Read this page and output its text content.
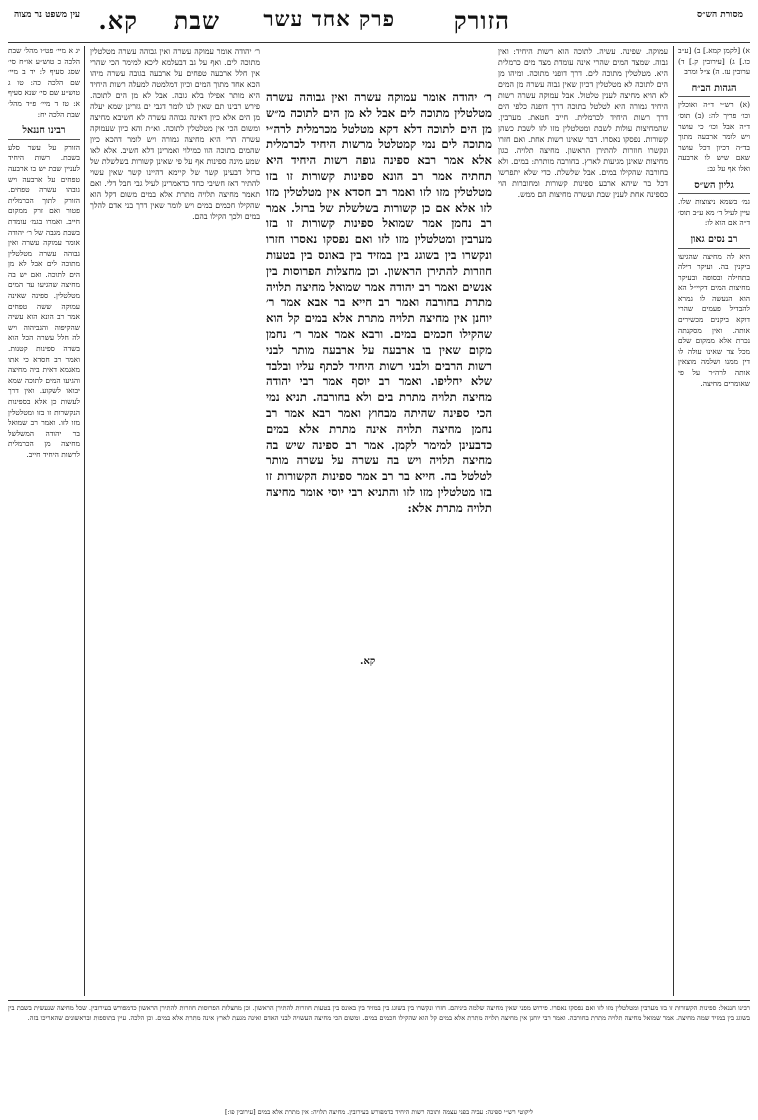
מסורת הש״ס
הזורק
פרק אחד עשר
שבת
קא.
עין משפט נר מצוה

א) [לקמן קמא.] ב) [ע״ב כו.] ג) [עירובין ק.] ד) ערובין עז. ה) צ״ל ומרב

הגהות הב״ח

(א) רש״י ד״ה ואוכלין וכו׳ פריך לה: (ב) תוס׳ ד״ה אבל וכו׳ כי עושר ויש לומר ארבעה מתוך בד״ה דכיון דכל עושר שאם שיש לו ארבעה ואלו אף על גב:

גליון הש״ס

גמ׳ בשמא ניצוצות שלו. עיין לעיל ד׳ מא ע״ב תוס׳ ד״ה אם הוא לו:

רב נסים גאון

היא לה מחיצה שהגיעו ביקנין בה. ועיקר דילה בתחילה ובסופה ובעיקר מחיצות המים דקיי״ל הא הוא הנעשה לו גמרא להבדיל פעמים שהרי דוקא ביקנים מכשירים אותה. ואין מסקנתה נכרת אלא ממקום שלם מכל צד שאינו עולה לו דין ממנו ושלמה מוצאין אותה לרה״ר על פי שאומרים מחיצה.

יג א מיי׳ פט״ו מהל׳ שבת הלכה כ טוש״ע או״ח סי׳ שסג סעיף ל: יד ב מיי׳ שם הלכה כה: טו ג טוש״ע שם סי׳ שנא סעיף א: טז ד מיי׳ פ״ד מהל׳ שבת הלכה יח:

רבינו חננאל

הזורק על עשר סלע בשבת. רשות היחיד לעניין שבת יש בו ארבעה טפחים על ארבעה ויש גובהו עשרה טפחים. הזורק לתוך הכרמלית פטור ואם זרק ממקום חייב. ואמרו בגמ׳ עומדת בשבת מגבה של ר׳ יהודה אומר עמוקה עשרה ואין גבוהה עשרה מטלטלין מתוכה לים אבל לא מן הים לתוכה. ואם יש בה מחיצה שהגיעו עד המים מטלטלין. ספינה שאינה עמוקה ששה טפחים אמר רב הונא הוא עשיה שהקיפוה והגביהוה ויש לה חלל עשרה הכל הוא בשדה ספינות קטנות. ואמר רב חסדא כי אתו מאגמא דאית ביה מחיצה והגיעו המים לתוכה שמא יבואו לשקוע. ואין דרך לעשות כן אלא בספינות הנקשרות זו בזו ומטלטלין מזו לזו. ואמר רב שמואל בר יהודה המשלשל מחיצה מן הכרמלית לרשות היחיד חייב.

עמוקה. שפינה. עשיה. לתוכה הוא רשות היחיד: ואין גבוה. שמצד המים שהרי אינה עומדת מצד מים כרמלית היא. מטלטלין מתוכה לים. דרך דופני מתוכה. ומיהו מן הים לתוכה לא מטלטלין דכיון שאין גבוה עשרה מן המים לא הויא מחיצה לענין טלטול. אבל עמוקה עשרה רשות היחיד גמורה היא לטלטל בתוכה דרך דופנה כלפי הים דרך רשות היחיד לכרמלית. חייב חטאת. מערבין. שהמחיצות עולות לשבת ומטלטלין מזו לזו לשבת כשהן קשורות. נפסקו נאסרו. דבר שאינו רשות אחת. ואם חזרו ונקשרו חוזרות להתירן הראשון. מחיצה תלויה. כגון מחיצות שאינן מגיעות לארץ. בחורבה מותרת: במים. ולא בחורבה שהקילו במים. אבל שלשלת. כדי שלא יתפרשו דכל בר שיהא ארבע ספינות קשורות ומחוברות הוי כספינה אחת לענין שבת ועשרה מחיצות הם ממש.
ר׳ יהודה אומר עמוקה עשרה ואין גבוהה עשרה מטלטלין מתוכה לים. ואף על גב דבעלמא ליכא למימר הכי שהרי אין חלל ארבעה טפחים על ארבעה בגובה עשרה מיהו הכא אחד מתוך המים וכיון דמלמטה למעלה רשות היחיד היא מותר אפילו בלא גובה. אבל לא מן הים לתוכה. פירש רבינו תם שאין לנו לומר דגבי ים גזרינן שמא יעלה מן הים אלא כיון דאינה גבוהה עשרה לא חשיבא מחיצה ומשום הכי אין מטלטלין לתוכה. וא״ת והא כיון שעמוקה עשרה הרי היא מחיצה גמורה ויש לומר דהכא כיון שהמים בתוכה הוו כמילוי ואמרינן דלא חשיב. אלא לאו שמע מינה ספינות אף על פי שאינן קשורות בשלשלת של ברזל דבעינן קשר של קיימא דהיינו קשר שאין עשוי להתיר דאז חשיבי כחד כדאמרינן לעיל גבי חבל דלי. ואם תאמר מחיצה תלויה מתרת אלא במים משום דקל הוא שהקילו חכמים במים ויש לומר שאין דרך בני אדם להלך במים ולכך הקילו בהם.
ר׳ יהודה אומר עמוקה עשרה ואין גבוהה עשרה מטלטלין מתוכה לים אבל לא מן הים לתוכה מ״ש מן הים לתוכה דלא דקא מטלטל מכרמלית לרה״י מתוכה לים נמי קמטלטל מרשות היחיד לכרמלית אלא אמר רבא ספינה גופה רשות היחיד היא תחתיה אמר רב הונא ספינות קשורות זו בזו מטלטלין מזו לזו ואמר רב חסדא אין מטלטלין מזו לזו אלא אם כן קשורות בשלשלת של ברזל. אמר רב נחמן אמר שמואל ספינות קשורות זו בזו מערבין ומטלטלין מזו לזו ואם נפסקו נאסרו חזרו ונקשרו בין בשוגג בין במזיד בין באונס בין בטעות חוזרות להתירן הראשון. וכן מחצלות הפרוסות בין אנשים ואמר רב יהודה אמר שמואל מחיצה תלויה מתרת בחורבה ואמר רב חייא בר אבא אמר ר׳ יוחנן אין מחיצה תלויה מתרת אלא במים קל הוא שהקילו חכמים במים. ורבא אמר אמר ר׳ נחמן מקום שאין בו ארבעה על ארבעה מותר לבני רשות הרבים ולבני רשות היחיד לכתף עליו ובלבד שלא יחליפו. ואמר רב יוסף אמר רבי יהודה מחיצה תלויה מתרת בים ולא בחורבה. תניא נמי הכי ספינה שהיתה מבחוץ ואמר רבא אמר רב נחמן מחיצה תלויה אינה מתרת אלא במים כדבעינן למימר לקמן. אמר רב ספינה שיש בה מחיצה תלויה ויש בה עשרה על עשרה מותר לטלטל בה. חייא בר רב אמר ספינות הקשורות זו בזו מטלטלין מזו לזו והתניא רבי יוסי אומר מחיצה תלויה מתרת אלא:
קא.
רבינו חננאל: ספינות הקשורות זו בזו מערבין ומטלטלין מזו לזו ואם נפסקו נאסרו. פירוש מפני שאין מחיצה שלמה ביניהם. חזרו ונקשרו בין בשוגג בין במזיד בין באונס בין בטעות חוזרות להתירן הראשון. וכן מחצלות הפרוסות חוזרות להתירן הראשון כדמפורש בעירובין. שכל מחיצה שנעשית בשבת בין בשוגג בין במזיד שמה מחיצה. אמר שמואל מחיצה תלויה מתרת בחורבה. ואמר רבי יוחנן אין מחיצה תלויה מתרת אלא במים קל הוא שהקילו חכמים במים. ומשום הכי מחיצה העשויה לבני האדם ואינה מגעת לארץ אינה מתרת אלא במים. וכן הלכה. עיין בתוספות ובראשונים שהאריכו בזה.
ליקוטי רש״י ספינה: עביה בפני עצמה ותוכה רשות היחיד כדמפורש בעירובין. מחיצה תלויה: אין מתרת אלא במים [עירובין פו:]
